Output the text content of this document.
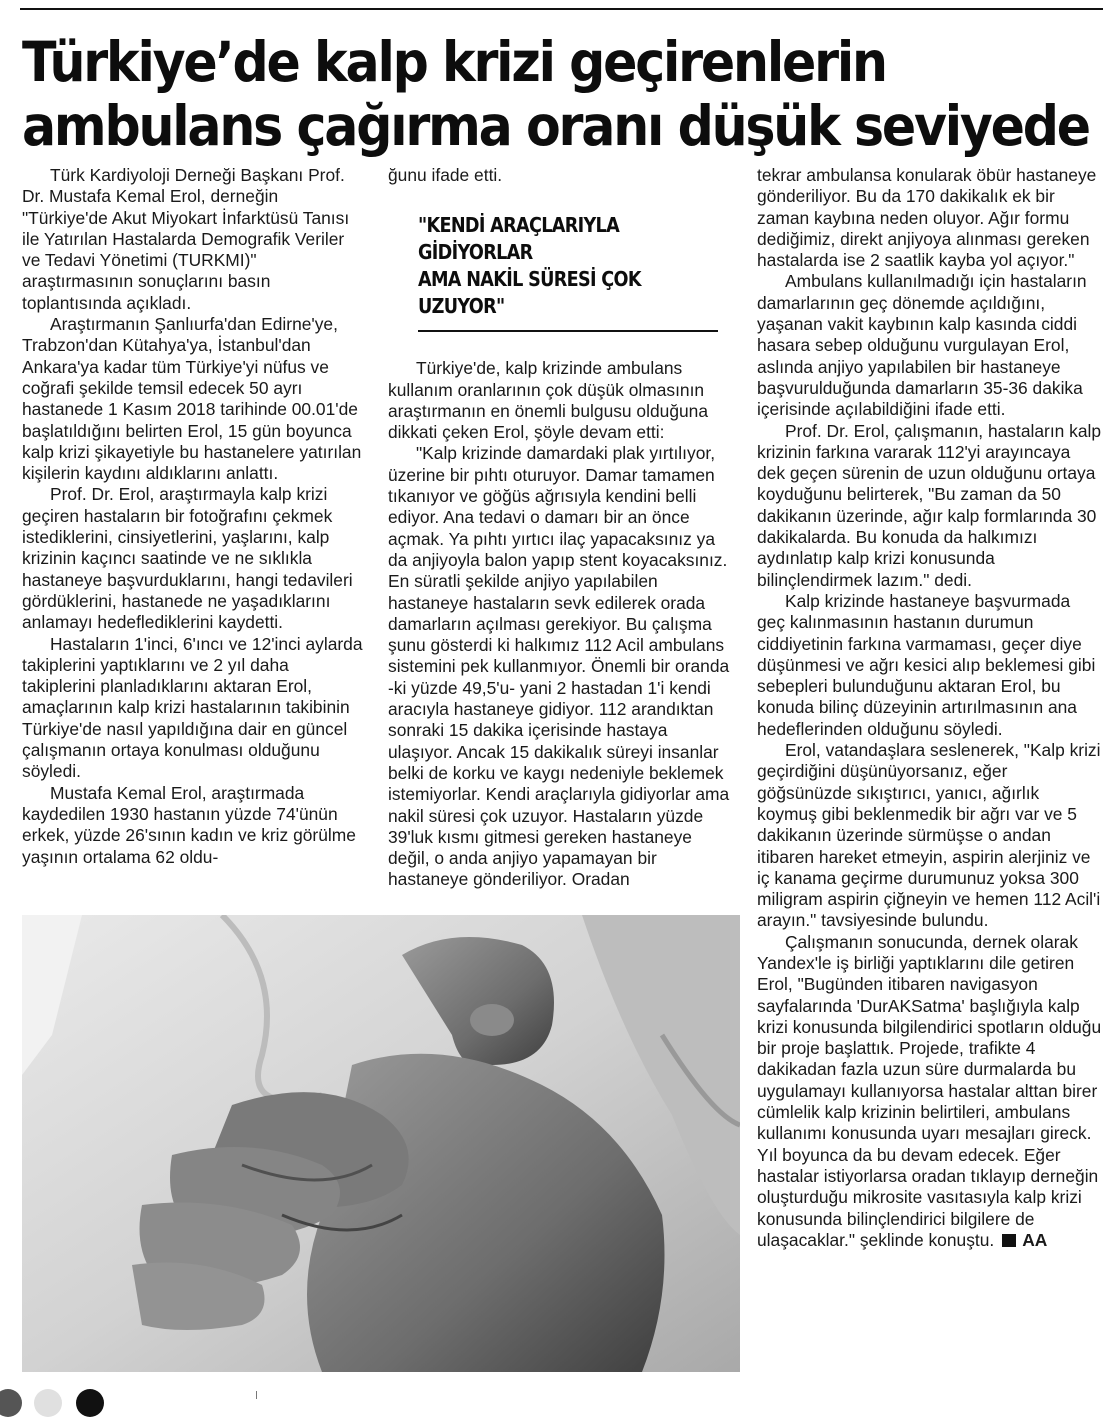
Türkiye’de kalp krizi geçirenlerin
ambulans çağırma oranı düşük seviyede

Türk Kardiyoloji Derneği Başkanı Prof. Dr. Mustafa Kemal Erol, derneğin "Türkiye'de Akut Miyokart İnfarktüsü Tanısı ile Yatırılan Hastalarda Demografik Veriler ve Tedavi Yönetimi (TURKMI)" araştırmasının sonuçlarını basın toplantısında açıkladı.

Araştırmanın Şanlıurfa'dan Edirne'ye, Trabzon'dan Kütahya'ya, İstanbul'dan Ankara'ya kadar tüm Türkiye'yi nüfus ve coğrafi şekilde temsil edecek 50 ayrı hastanede 1 Kasım 2018 tarihinde 00.01'de başlatıldığını belirten Erol, 15 gün boyunca kalp krizi şikayetiyle bu hastanelere yatırılan kişilerin kaydını aldıklarını anlattı.

Prof. Dr. Erol, araştırmayla kalp krizi geçiren hastaların bir fotoğrafını çekmek istediklerini, cinsiyetlerini, yaşlarını, kalp krizinin kaçıncı saatinde ve ne sıklıkla hastaneye başvurduklarını, hangi tedavileri gördüklerini, hastanede ne yaşadıklarını anlamayı hedeflediklerini kaydetti.

Hastaların 1'inci, 6'ıncı ve 12'inci aylarda takiplerini yaptıklarını ve 2 yıl daha takiplerini planladıklarını aktaran Erol, amaçlarının kalp krizi hastalarının takibinin Türkiye'de nasıl yapıldığına dair en güncel çalışmanın ortaya konulması olduğunu söyledi.

Mustafa Kemal Erol, araştırmada kaydedilen 1930 hastanın yüzde 74'ünün erkek, yüzde 26'sının kadın ve kriz görülme yaşının ortalama 62 oldu-

ğunu ifade etti.

"KENDİ ARAÇLARIYLA GİDİYORLAR
AMA NAKİL SÜRESİ ÇOK UZUYOR"

Türkiye'de, kalp krizinde ambulans kullanım oranlarının çok düşük olmasının araştırmanın en önemli bulgusu olduğuna dikkati çeken Erol, şöyle devam etti:

"Kalp krizinde damardaki plak yırtılıyor, üzerine bir pıhtı oturuyor. Damar tamamen tıkanıyor ve göğüs ağrısıyla kendini belli ediyor. Ana tedavi o damarı bir an önce açmak. Ya pıhtı yırtıcı ilaç yapacaksınız ya da anjiyoyla balon yapıp stent koyacaksınız. En süratli şekilde anjiyo yapılabilen hastaneye hastaların sevk edilerek orada damarların açılması gerekiyor. Bu çalışma şunu gösterdi ki halkımız 112 Acil ambulans sistemini pek kullanmıyor. Önemli bir oranda -ki yüzde 49,5'u- yani 2 hastadan 1'i kendi aracıyla hastaneye gidiyor. 112 arandıktan sonraki 15 dakika içerisinde hastaya ulaşıyor. Ancak 15 dakikalık süreyi insanlar belki de korku ve kaygı nedeniyle beklemek istemiyorlar. Kendi araçlarıyla gidiyorlar ama nakil süresi çok uzuyor. Hastaların yüzde 39'luk kısmı gitmesi gereken hastaneye değil, o anda anjiyo yapamayan bir hastaneye gönderiliyor. Oradan

tekrar ambulansa konularak öbür hastaneye gönderiliyor. Bu da 170 dakikalık ek bir zaman kaybına neden oluyor. Ağır formu dediğimiz, direkt anjiyoya alınması gereken hastalarda ise 2 saatlik kayba yol açıyor."

Ambulans kullanılmadığı için hastaların damarlarının geç dönemde açıldığını, yaşanan vakit kaybının kalp kasında ciddi hasara sebep olduğunu vurgulayan Erol, aslında anjiyo yapılabilen bir hastaneye başvurulduğunda damarların 35-36 dakika içerisinde açılabildiğini ifade etti.

Prof. Dr. Erol, çalışmanın, hastaların kalp krizinin farkına vararak 112'yi arayıncaya dek geçen sürenin de uzun olduğunu ortaya koyduğunu belirterek, "Bu zaman da 50 dakikanın üzerinde, ağır kalp formlarında 30 dakikalarda. Bu konuda da halkımızı aydınlatıp kalp krizi konusunda bilinçlendirmek lazım." dedi.

Kalp krizinde hastaneye başvurmada geç kalınmasının hastanın durumun ciddiyetinin farkına varmaması, geçer diye düşünmesi ve ağrı kesici alıp beklemesi gibi sebepleri bulunduğunu aktaran Erol, bu konuda bilinç düzeyinin artırılmasının ana hedeflerinden olduğunu söyledi.

Erol, vatandaşlara seslenerek, "Kalp krizi geçirdiğini düşünüyorsanız, eğer göğsünüzde sıkıştırıcı, yanıcı, ağırlık koymuş gibi beklenmedik bir ağrı var ve 5 dakikanın üzerinde sürmüşse o andan itibaren hareket etmeyin, aspirin alerjiniz ve iç kanama geçirme durumunuz yoksa 300 miligram aspirin çiğneyin ve hemen 112 Acil'i arayın." tavsiyesinde bulundu.

Çalışmanın sonucunda, dernek olarak Yandex'le iş birliği yaptıklarını dile getiren Erol, "Bugünden itibaren navigasyon sayfalarında 'DurAKSatma' başlığıyla kalp krizi konusunda bilgilendirici spotların olduğu bir proje başlattık. Projede, trafikte 4 dakikadan fazla uzun süre durmalarda bu uygulamayı kullanıyorsa hastalar alttan birer cümlelik kalp krizinin belirtileri, ambulans kullanımı konusunda uyarı mesajları gireck. Yıl boyunca da bu devam edecek. Eğer hastalar istiyorlarsa oradan tıklayıp derneğin oluşturduğu mikrosite vasıtasıyla kalp krizi konusunda bilinçlendirici bilgilere de ulaşacaklar." şeklinde konuştu. AA
